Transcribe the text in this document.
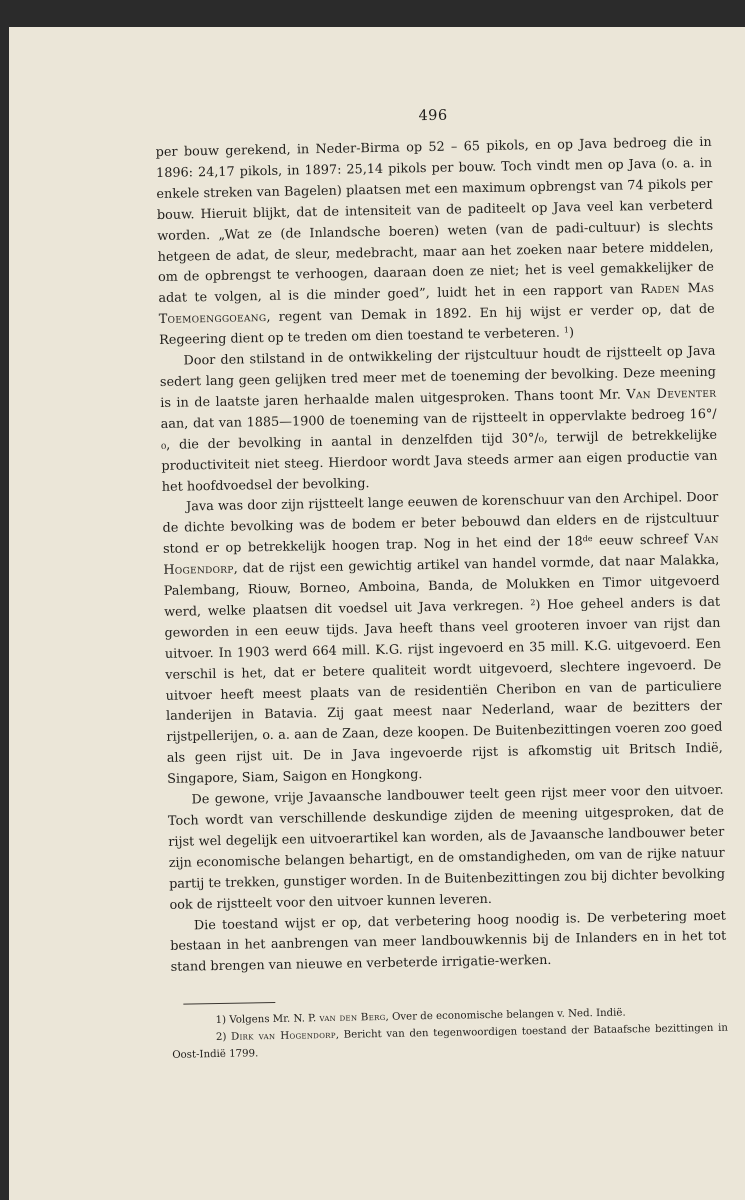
496

per bouw gerekend, in Neder-Birma op 52 – 65 pikols, en op Java bedroeg die in 1896: 24,17 pikols, in 1897: 25,14 pikols per bouw. Toch vindt men op Java (o. a. in enkele streken van Bagelen) plaatsen met een maximum opbrengst van 74 pikols per bouw. Hieruit blijkt, dat de intensiteit van de paditeelt op Java veel kan verbeterd worden. „Wat ze (de Inlandsche boeren) weten (van de padi-cultuur) is slechts hetgeen de adat, de sleur, medebracht, maar aan het zoeken naar betere middelen, om de opbrengst te verhoogen, daaraan doen ze niet; het is veel gemakkelijker de adat te volgen, al is die minder goed”, luidt het in een rapport van Raden Mas Toemoenggoeang, regent van Demak in 1892. En hij wijst er verder op, dat de Regeering dient op te treden om dien toestand te verbeteren. $^1$)

Door den stilstand in de ontwikkeling der rijstcultuur houdt de rijstteelt op Java sedert lang geen gelijken tred meer met de toeneming der bevolking. Deze meening is in de laatste jaren herhaalde malen uitgesproken. Thans toont Mr. Van Deventer aan, dat van 1885—1900 de toeneming van de rijstteelt in oppervlakte bedroeg 16°/₀, die der bevolking in aantal in denzelfden tijd 30°/₀, terwijl de betrekkelijke productiviteit niet steeg. Hierdoor wordt Java steeds armer aan eigen productie van het hoofdvoedsel der bevolking.

Java was door zijn rijstteelt lange eeuwen de korenschuur van den Archipel. Door de dichte bevolking was de bodem er beter bebouwd dan elders en de rijstcultuur stond er op betrekkelijk hoogen trap. Nog in het eind der 18de eeuw schreef Van Hogendorp, dat de rijst een gewichtig artikel van handel vormde, dat naar Malakka, Palembang, Riouw, Borneo, Amboina, Banda, de Molukken en Timor uitgevoerd werd, welke plaatsen dit voedsel uit Java verkregen. $^2$) Hoe geheel anders is dat geworden in een eeuw tijds. Java heeft thans veel grooteren invoer van rijst dan uitvoer. In 1903 werd 664 mill. K.G. rijst ingevoerd en 35 mill. K.G. uitgevoerd. Een verschil is het, dat er betere qualiteit wordt uitgevoerd, slechtere ingevoerd. De uitvoer heeft meest plaats van de residentiën Cheribon en van de particuliere landerijen in Batavia. Zij gaat meest naar Nederland, waar de bezitters der rijstpellerijen, o. a. aan de Zaan, deze koopen. De Buitenbezittingen voeren zoo goed als geen rijst uit. De in Java ingevoerde rijst is afkomstig uit Britsch Indië, Singapore, Siam, Saigon en Hongkong.

De gewone, vrije Javaansche landbouwer teelt geen rijst meer voor den uitvoer. Toch wordt van verschillende deskundige zijden de meening uitgesproken, dat de rijst wel degelijk een uitvoerartikel kan worden, als de Javaansche landbouwer beter zijn economische belangen behartigt, en de omstandigheden, om van de rijke natuur partij te trekken, gunstiger worden. In de Buitenbezittingen zou bij dichter bevolking ook de rijstteelt voor den uitvoer kunnen leveren.

Die toestand wijst er op, dat verbetering hoog noodig is. De verbetering moet bestaan in het aanbrengen van meer landbouwkennis bij de Inlanders en in het tot stand brengen van nieuwe en verbeterde irrigatie-werken.

1) Volgens Mr. N. P. van den Berg, Over de economische belangen v. Ned. Indië.

2) Dirk van Hogendorp, Bericht van den tegenwoordigen toestand der Bataafsche bezittingen in Oost-Indië 1799.
